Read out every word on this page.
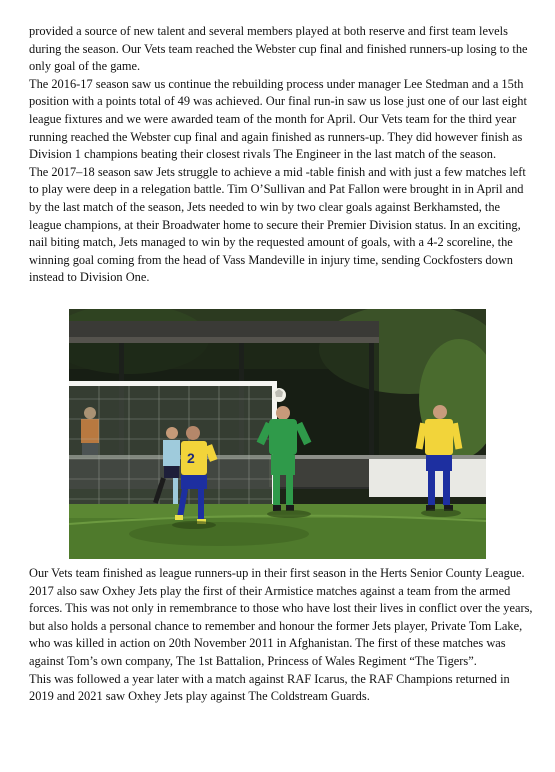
provided a source of new talent and several members played at both reserve and first team levels during the season. Our Vets team reached the Webster cup final and finished runners-up losing to the only goal of the game.

The 2016-17 season saw us continue the rebuilding process under manager Lee Stedman and a 15th position with a points total of 49 was achieved. Our final run-in saw us lose just one of our last eight league fixtures and we were awarded team of the month for April. Our Vets team for the third year running reached the Webster cup final and again finished as runners-up. They did however finish as Division 1 champions beating their closest rivals The Engineer in the last match of the season.

The 2017–18 season saw Jets struggle to achieve a mid -table finish and with just a few matches left to play were deep in a relegation battle. Tim O’Sullivan and Pat Fallon were brought in in April and by the last match of the season, Jets needed to win by two clear goals against Berkhamsted, the league champions, at their Broadwater home to secure their Premier Division status. In an exciting, nail biting match, Jets managed to win by the requested amount of goals, with a 4-2 scoreline, the winning goal coming from the head of Vass Mandeville in injury time, sending Cockfosters down instead to Division One.

2

Our Vets team finished as league runners-up in their first season in the Herts Senior County League.

2017 also saw Oxhey Jets play the first of their Armistice matches against a team from the armed forces. This was not only in remembrance to those who have lost their lives in conflict over the years, but also holds a personal chance to remember and honour the former Jets player, Private Tom Lake, who was killed in action on 20th November 2011 in Afghanistan. The first of these matches was against Tom’s own company, The 1st Battalion, Princess of Wales Regiment “The Tigers”.

This was followed a year later with a match against RAF Icarus, the RAF Champions returned in 2019 and 2021 saw Oxhey Jets play against The Coldstream Guards.
